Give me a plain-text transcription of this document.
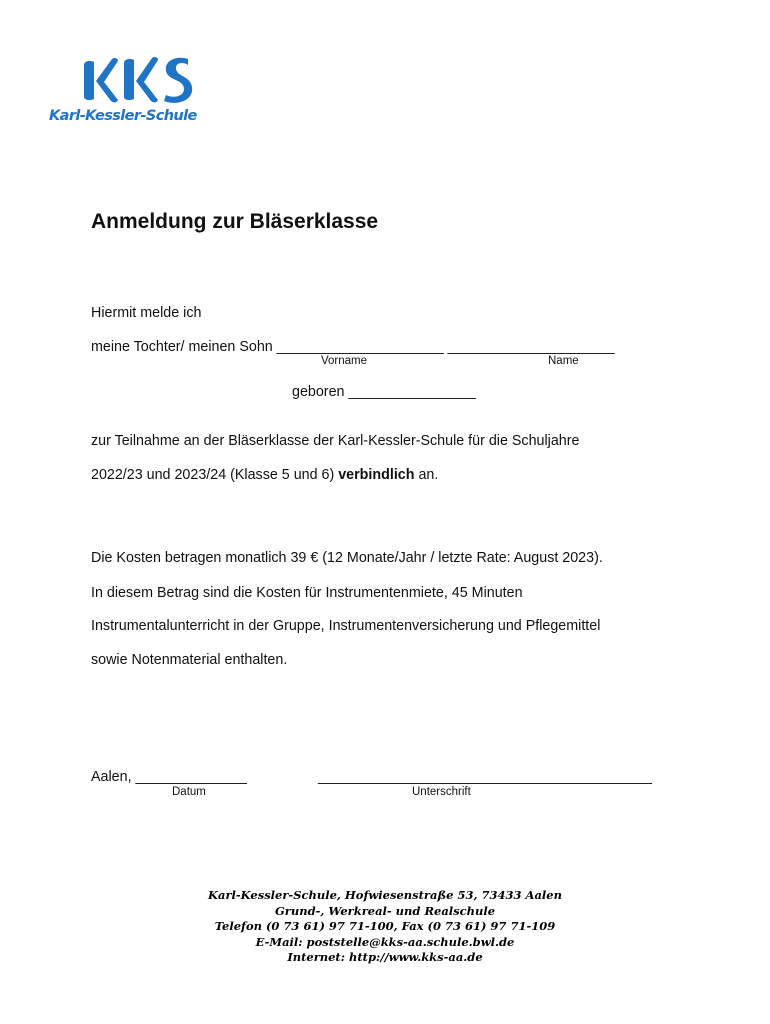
Karl-Kessler-Schule
Anmeldung zur Bläserklasse
Hiermit melde ich
meine Tochter/ meinen Sohn _____________________ _____________________
Vorname	Name
geboren ________________
zur Teilnahme an der Bläserklasse der Karl-Kessler-Schule für die Schuljahre
2022/23 und 2023/24 (Klasse 5 und 6) verbindlich an.
Die Kosten betragen monatlich 39 € (12 Monate/Jahr / letzte Rate: August 2023).
In diesem Betrag sind die Kosten für Instrumentenmiete, 45 Minuten
Instrumentalunterricht in der Gruppe, Instrumentenversicherung und Pflegemittel
sowie Notenmaterial enthalten.
Aalen, ______________
Datum
__________________________________________
Unterschrift
Karl-Kessler-Schule, Hofwiesenstraße 53, 73433 Aalen
Grund-, Werkreal- und Realschule
Telefon (0 73 61) 97 71-100, Fax (0 73 61) 97 71-109
E-Mail: poststelle@kks-aa.schule.bwl.de
Internet: http://www.kks-aa.de
